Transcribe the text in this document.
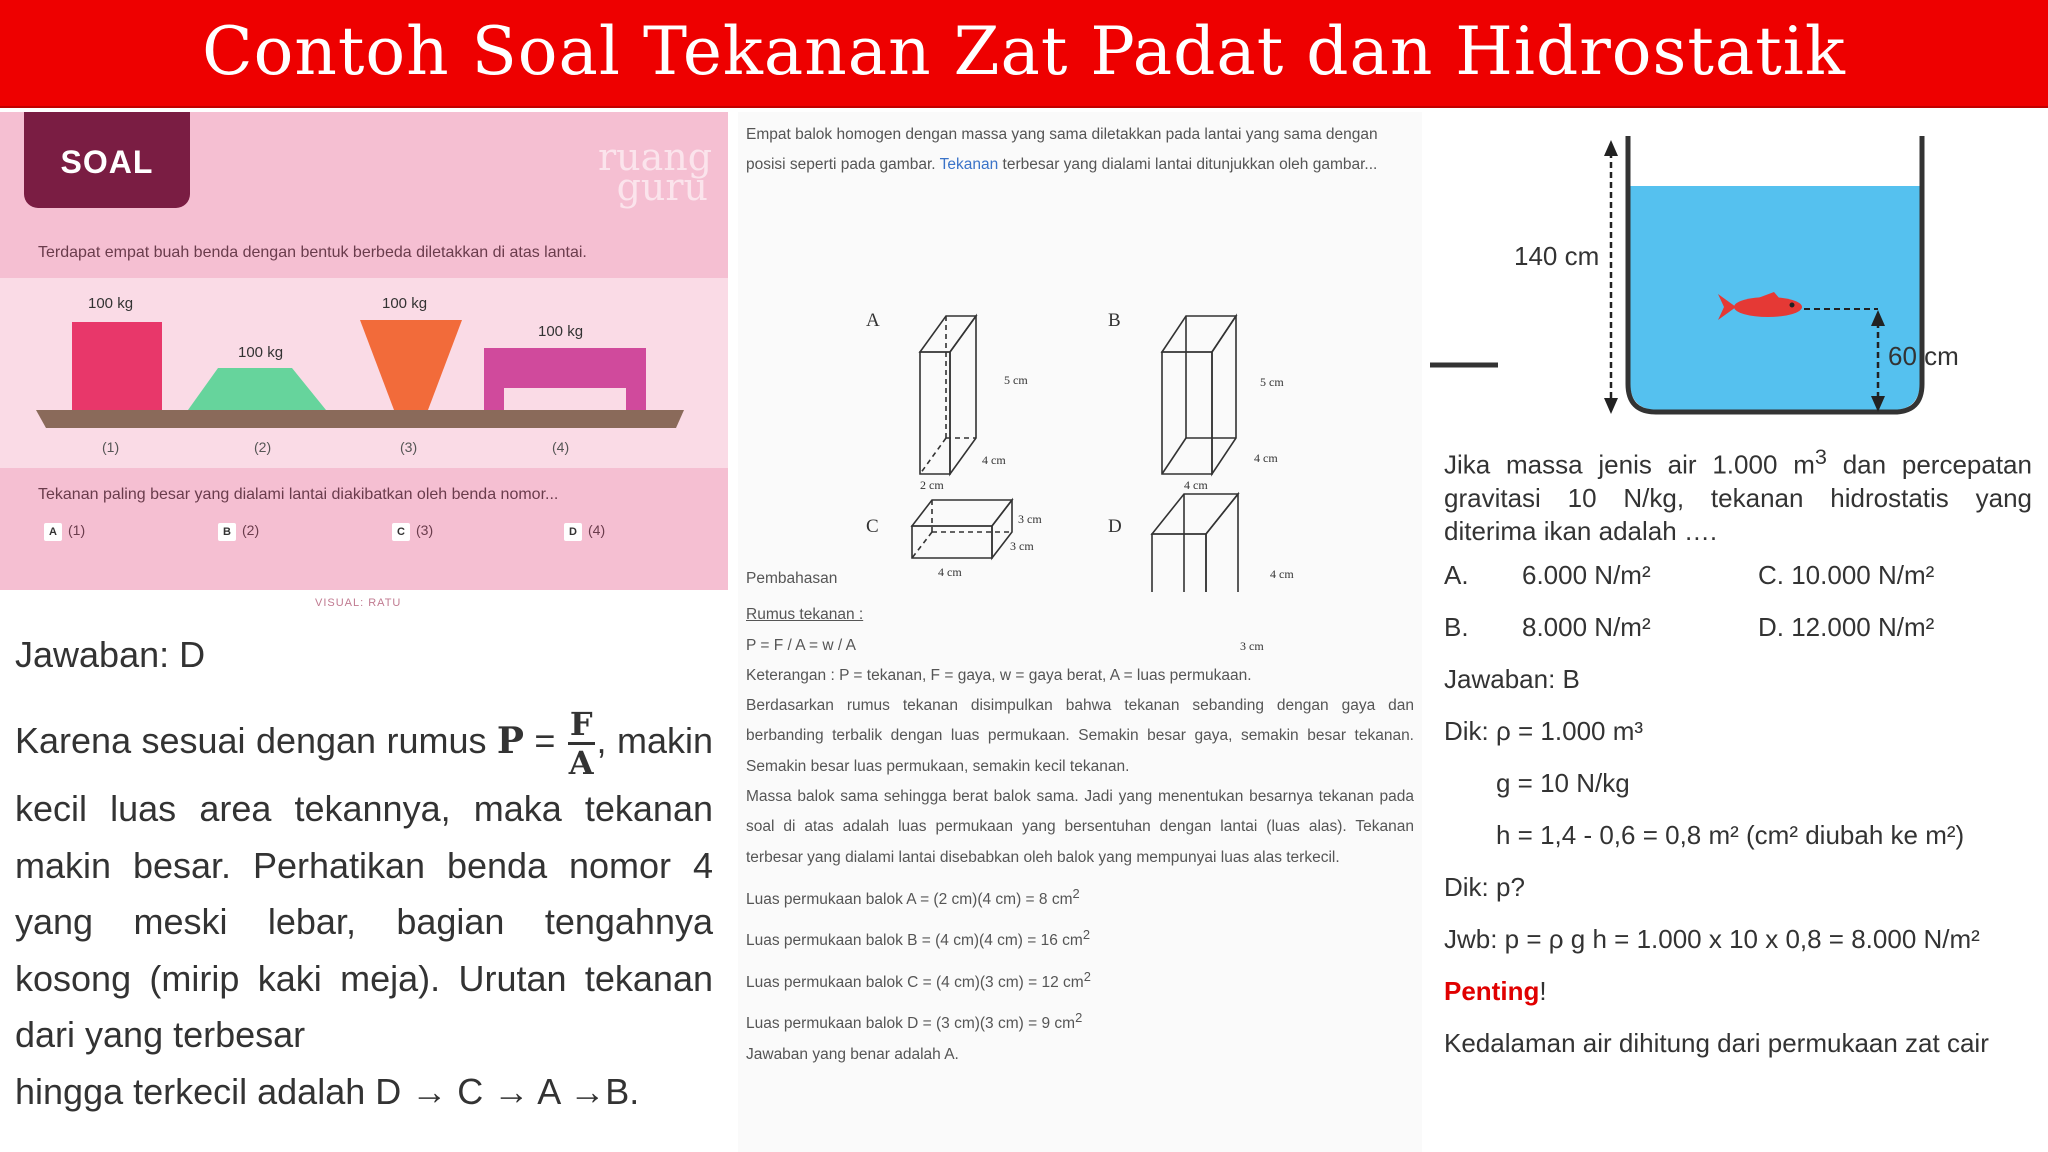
Contoh Soal Tekanan Zat Padat dan Hidrostatik
SOAL	ruang guru
Terdapat empat buah benda dengan bentuk berbeda diletakkan di atas lantai.
100 kg
100 kg
100 kg
100 kg
(1)	(2)	(3)	(4)
Tekanan paling besar yang dialami lantai diakibatkan oleh benda nomor...
A (1)	B (2)	C (3)	D (4)
VISUAL: RATU
Jawaban: D
Karena sesuai dengan rumus $P = \frac{F}{A}$ , makin kecil luas area tekannya, maka tekanan makin besar. Perhatikan benda nomor 4 yang meski lebar, bagian tengahnya kosong (mirip kaki meja). Urutan tekanan dari yang terbesar
hingga terkecil adalah D → C → A →B.
Empat balok homogen dengan massa yang sama diletakkan pada lantai yang sama dengan posisi seperti pada gambar. Tekanan terbesar yang dialami lantai ditunjukkan oleh gambar...
A	B
C	D
5 cm
4 cm
2 cm
5 cm
4 cm
4 cm
3 cm
3 cm
4 cm	4 cm
3 cm
Pembahasan
Rumus tekanan :
P = F / A = w / A
Keterangan : P = tekanan, F = gaya, w = gaya berat, A = luas permukaan.
Berdasarkan rumus tekanan disimpulkan bahwa tekanan sebanding dengan gaya dan berbanding terbalik dengan luas permukaan. Semakin besar gaya, semakin besar tekanan. Semakin besar luas permukaan, semakin kecil tekanan.
Massa balok sama sehingga berat balok sama. Jadi yang menentukan besarnya tekanan pada soal di atas adalah luas permukaan yang bersentuhan dengan lantai (luas alas). Tekanan terbesar yang dialami lantai disebabkan oleh balok yang mempunyai luas alas terkecil.
Luas permukaan balok A = (2 cm)(4 cm) = 8 $cm^2$
Luas permukaan balok B = (4 cm)(4 cm) = 16 $cm^2$
Luas permukaan balok C = (4 cm)(3 cm) = 12 $cm^2$
Luas permukaan balok D = (3 cm)(3 cm) = 9 $cm^2$
Jawaban yang benar adalah A.
140 cm
60 cm
Jika massa jenis air 1.000 $m^3$ dan percepatan gravitasi 10 N/kg, tekanan hidrostatis yang diterima ikan adalah ….
A. 6.000 N/m²	C. 10.000 N/m²
B. 8.000 N/m²	D. 12.000 N/m²
Jawaban: B
Dik: ρ = 1.000 m³
g = 10 N/kg
h = 1,4 - 0,6 = 0,8 m² (cm² diubah ke m²)
Dik: p?
Jwb: p = ρ g h = 1.000 x 10 x 0,8 = 8.000 N/m²
Penting!
Kedalaman air dihitung dari permukaan zat cair
